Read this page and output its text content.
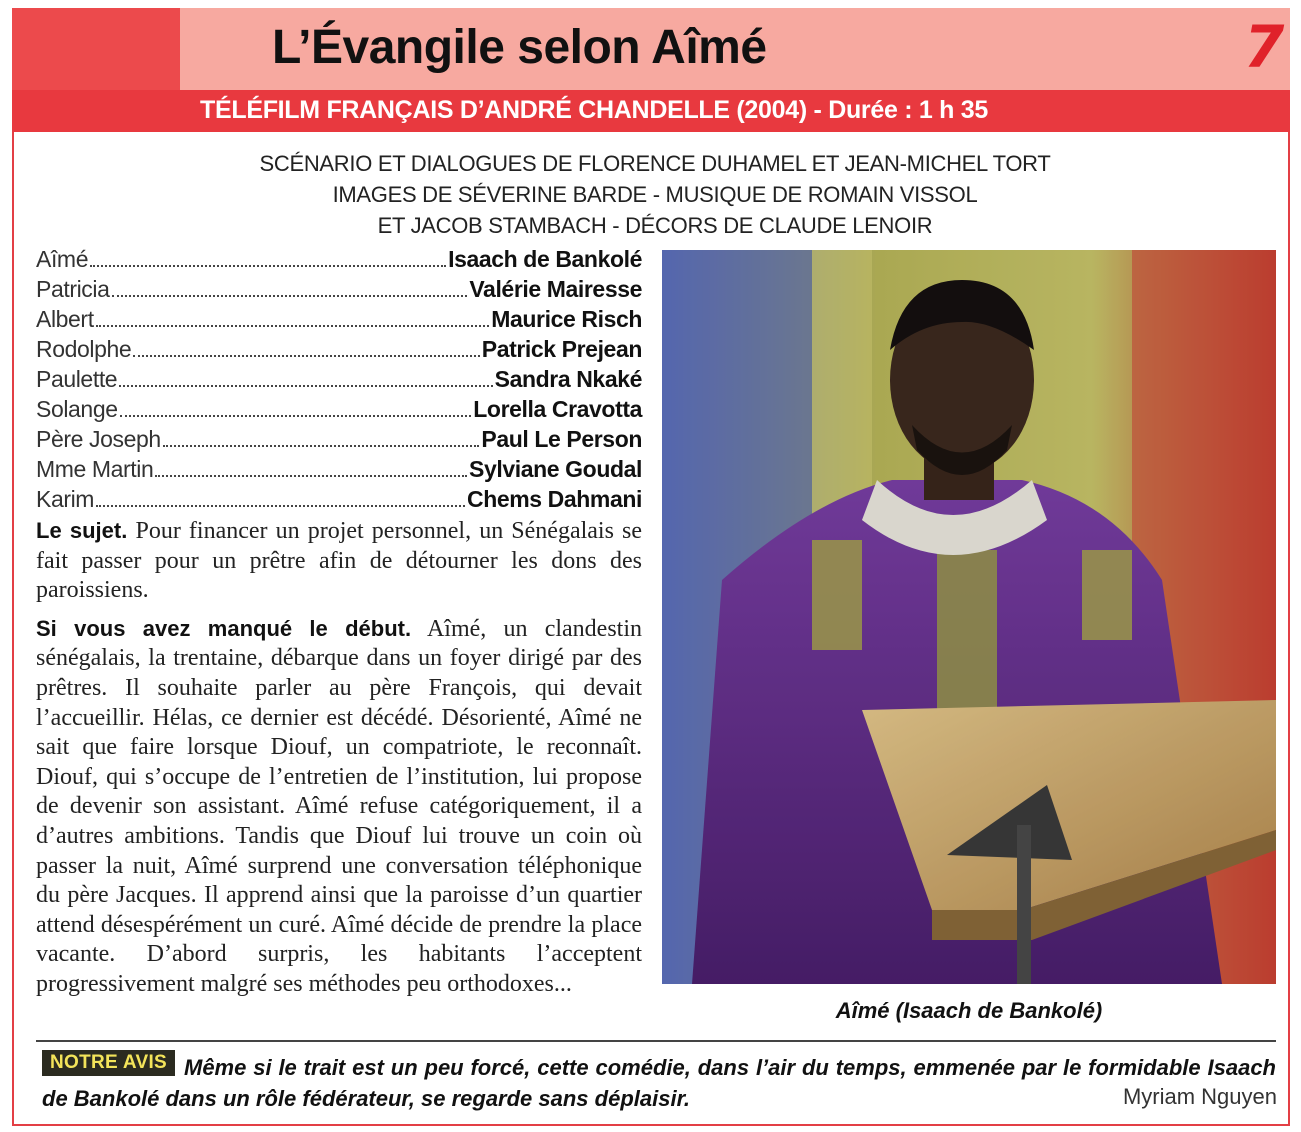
L’Évangile selon Aîmé	7
TÉLÉFILM FRANÇAIS D’ANDRÉ CHANDELLE (2004) - Durée : 1 h 35
SCÉNARIO ET DIALOGUES DE FLORENCE DUHAMEL ET JEAN-MICHEL TORT
IMAGES DE SÉVERINE BARDE - MUSIQUE DE ROMAIN VISSOL
ET JACOB STAMBACH - DÉCORS DE CLAUDE LENOIR
Aîmé	Isaach de Bankolé
Patricia	Valérie Mairesse
Albert	Maurice Risch
Rodolphe	Patrick Prejean
Paulette	Sandra Nkaké
Solange	Lorella Cravotta
Père Joseph	Paul Le Person
Mme Martin	Sylviane Goudal
Karim	Chems Dahmani

Le sujet. Pour financer un projet personnel, un Sénégalais se fait passer pour un prêtre afin de détourner les dons des paroissiens.

Si vous avez manqué le début. Aîmé, un clandestin sénégalais, la trentaine, débarque dans un foyer dirigé par des prêtres. Il souhaite parler au père François, qui devait l’accueillir. Hélas, ce dernier est décédé. Désorienté, Aîmé ne sait que faire lorsque Diouf, un compatriote, le reconnaît. Diouf, qui s’occupe de l’entretien de l’institution, lui propose de devenir son assistant. Aîmé refuse catégoriquement, il a d’autres ambitions. Tandis que Diouf lui trouve un coin où passer la nuit, Aîmé surprend une conversation téléphonique du père Jacques. Il apprend ainsi que la paroisse d’un quartier attend désespérément un curé. Aîmé décide de prendre la place vacante. D’abord surpris, les habitants l’acceptent progressivement malgré ses méthodes peu orthodoxes...

Aîmé (Isaach de Bankolé)
Même si le trait est un peu forcé, cette comédie, dans l’air du temps, emmenée par le formidable Isaach de Bankolé dans un rôle fédérateur, se regarde sans déplaisir.
NOTRE AVIS
Myriam Nguyen
